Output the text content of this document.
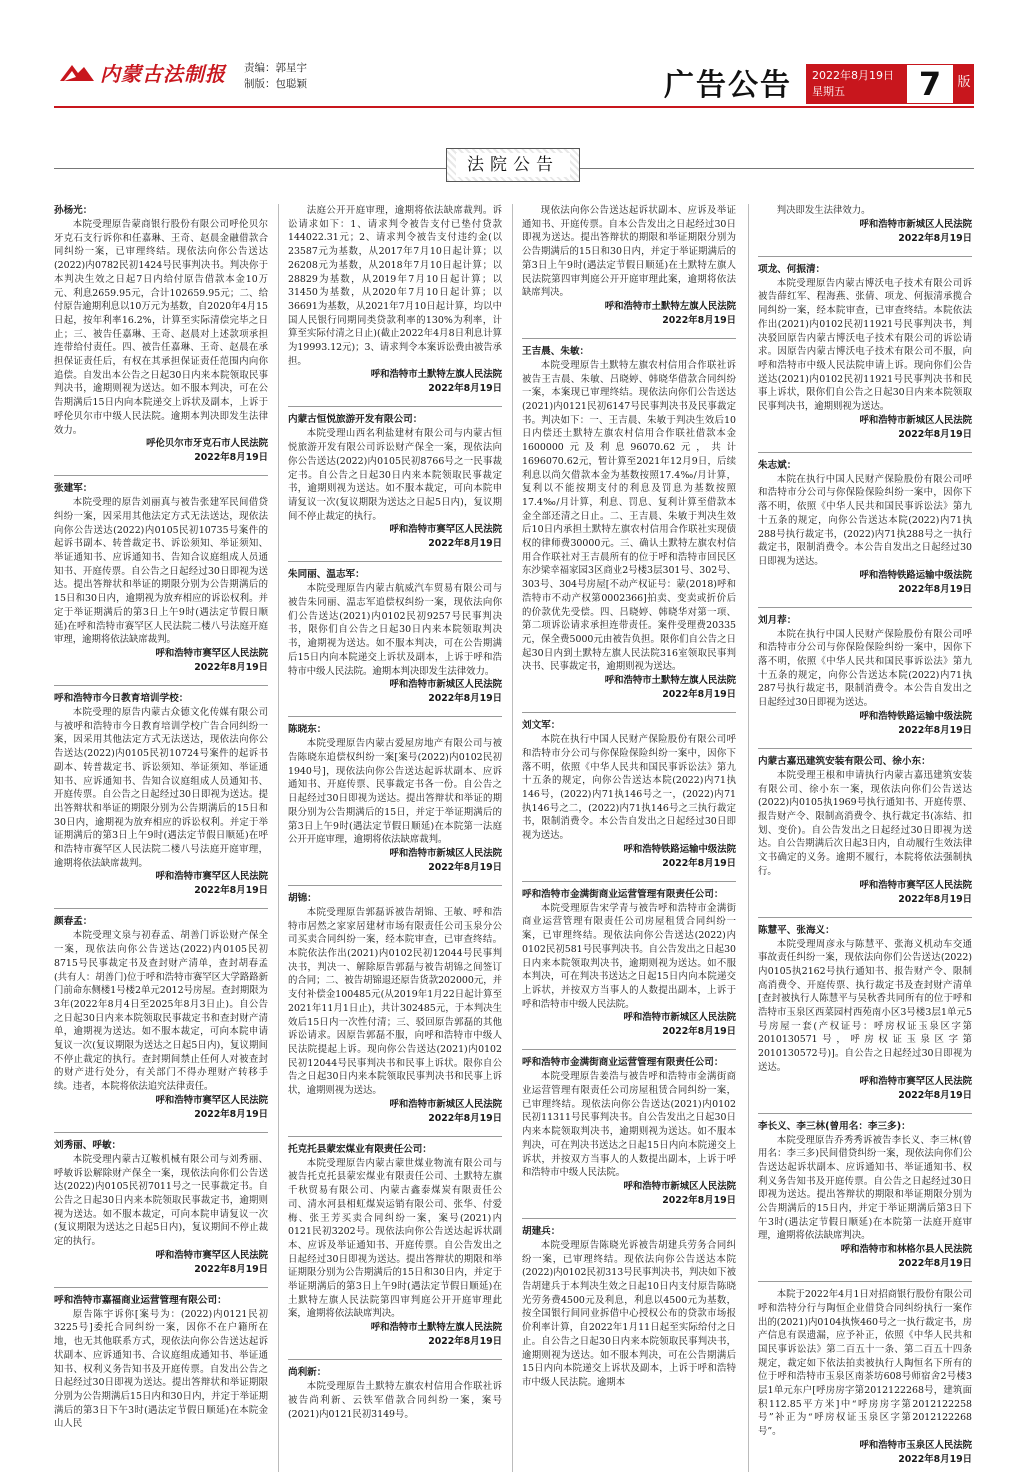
内蒙古法制报 责编：郭星宇
制版：包聪颖	广告公告 2022年8月19日
星期五	7	版
法院公告
孙杨光：
本院受理原告蒙商银行股份有限公司呼伦贝尔牙克石支行诉你和任嘉琳、王奇、赵晨金融借款合同纠纷一案，已审理终结。现依法向你公告送达(2022)内0782民初1424号民事判决书。判决你于本判决生效之日起7日内给付原告借款本金10万元、利息2659.95元，合计102659.95元；二、给付原告逾期利息以10万元为基数，自2020年4月15日起，按年利率16.2%，计算至实际清偿完毕之日止；三、被告任嘉琳、王奇、赵晨对上述款项承担连带给付责任。四、被告任嘉琳、王奇、赵晨在承担保证责任后，有权在其承担保证责任范围内向你追偿。自发出本公告之日起30日内来本院领取民事判决书，逾期则视为送达。如不服本判决，可在公告期满后15日内向本院递交上诉状及副本，上诉于呼伦贝尔市中级人民法院。逾期本判决即发生法律效力。
呼伦贝尔市牙克石市人民法院
2022年8月19日
张建军：
本院受理的原告刘丽真与被告张建军民间借贷纠纷一案，因采用其他法定方式无法送达，现依法向你公告送达(2022)内0105民初10735号案件的起诉书副本、转普裁定书、诉讼须知、举证须知、举证通知书、应诉通知书、告知合议庭组成人员通知书、开庭传票。自公告之日起经过30日即视为送达。提出答辩状和举证的期限分别为公告期满后的15日和30日内，逾期视为放弃相应的诉讼权利。并定于举证期满后的第3日上午9时(遇法定节假日顺延)在呼和浩特市赛罕区人民法院二楼八号法庭开庭审理，逾期将依法缺席裁判。
呼和浩特市赛罕区人民法院
2022年8月19日
呼和浩特市今日教育培训学校：
本院受理的原告内蒙古众德文化传媒有限公司与被呼和浩特市今日教育培训学校广告合同纠纷一案，因采用其他法定方式无法送达，现依法向你公告送达(2022)内0105民初10724号案件的起诉书副本、转普裁定书、诉讼须知、举证须知、举证通知书、应诉通知书、告知合议庭组成人员通知书、开庭传票。自公告之日起经过30日即视为送达。提出答辩状和举证的期限分别为公告期满后的15日和30日内，逾期视为放弃相应的诉讼权利。并定于举证期满后的第3日上午9时(遇法定节假日顺延)在呼和浩特市赛罕区人民法院二楼八号法庭开庭审理，逾期将依法缺席裁判。
呼和浩特市赛罕区人民法院
2022年8月19日
颜春孟：
本院受理文泉与初春孟、胡善门诉讼财产保全一案，现依法向你公告送达(2022)内0105民初8715号民事裁定书及查封财产清单，查封胡春孟(共有人：胡善门)位于呼和浩特市赛罕区大学路路新门前命东侧楼1号楼2单元2012号房屋。查封期限为3年(2022年8月4日至2025年8月3日止)。自公告之日起30日内来本院领取民事裁定书和查封财产清单，逾期视为送达。如不服本裁定，可向本院申请复议一次(复议期限为送达之日起5日内)，复议期间不停止裁定的执行。查封期间禁止任何人对被查封的财产进行处分，有关部门不得办理财产转移手续。违者，本院将依法追究法律责任。
呼和浩特市赛罕区人民法院
2022年8月19日
刘秀丽、呼敏：
本院受理内蒙古辽鞍机械有限公司与刘秀丽、呼敏诉讼解除财产保全一案，现依法向你们公告送达(2022)内0105民初7011号之一民事裁定书。自公告之日起30日内来本院领取民事裁定书，逾期则视为送达。如不服本裁定，可向本院申请复议一次(复议期限为送达之日起5日内)，复议期间不停止裁定的执行。
呼和浩特市赛罕区人民法院
2022年8月19日
呼和浩特市嘉福商业运营管理有限公司：
原告陈宇诉你[案号为：(2022)内0121民初3225号]委托合同纠纷一案，因你不在户籍所在地，也无其他联系方式，现依法向你公告送达起诉状副本、应诉通知书、合议庭组成通知书、举证通知书、权利义务告知书及开庭传票。自发出公告之日起经过30日即视为送达。提出答辩状和举证期限分别为公告期满后15日内和30日内，并定于举证期满后的第3日下午3时(遇法定节假日顺延)在本院金山人民
法庭公开开庭审理，逾期将依法缺席裁判。诉讼请求如下：1、请求判令被告支付已垫付贷款144022.31元；2、请求判令被告支付违约金(以23587元为基数，从2017年7月10日起计算；以26208元为基数，从2018年7月10日起计算；以28829为基数，从2019年7月10日起计算；以31450为基数，从2020年7月10日起计算；以36691为基数，从2021年7月10日起计算，均以中国人民银行同期同类贷款利率的130%为利率，计算至实际付清之日止)(截止2022年4月8日利息计算为19993.12元)；3、请求判令本案诉讼费由被告承担。
呼和浩特市土默特左旗人民法院
2022年8月19日
内蒙古恒悦旅游开发有限公司：
本院受理山西名利盐建材有限公司与内蒙古恒悦旅游开发有限公司诉讼财产保全一案，现依法向你公告送达(2022)内0105民初8766号之一民事裁定书。自公告之日起30日内来本院领取民事裁定书，逾期则视为送达。如不服本裁定，可向本院申请复议一次(复议期限为送达之日起5日内)，复议期间不停止裁定的执行。
呼和浩特市赛罕区人民法院
2022年8月19日
朱同丽、温志军：
本院受理原告内蒙古航威汽车贸易有限公司与被告朱同丽、温志军追偿权纠纷一案，现依法向你们公告送达(2021)内0102民初9257号民事判决书，限你们自公告之日起30日内来本院领取判决书，逾期视为送达。如不服本判决，可在公告期满后15日内向本院递交上诉状及副本，上诉于呼和浩特市中级人民法院。逾期本判决即发生法律效力。
呼和浩特市新城区人民法院
2022年8月19日
陈晓东：
本院受理原告内蒙古爱屋房地产有限公司与被告陈晓东追偿权纠纷一案[案号(2022)内0102民初1940号]，现依法向你公告送达起诉状副本、应诉通知书、开庭传票、民事裁定书各一份。自公告之日起经过30日即视为送达。提出答辩状和举证的期限分别为公告期满后的15日，并定于举证期满后的第3日上午9时(遇法定节假日顺延)在本院第一法庭公开开庭审理，逾期将依法缺席裁判。
呼和浩特市新城区人民法院
2022年8月19日
胡锦：
本院受理原告郭磊诉被告胡锦、王敏、呼和浩特市居然之家家居建材市场有限责任公司玉泉分公司买卖合同纠纷一案，经本院审查，已审查终结。本院依法作出(2021)内0102民初12044号民事判决书，判决一、解除原告郭磊与被告胡锦之间签订的合同；二、被告胡锦退还原告货款202000元，并支付补偿金100485元(从2019年1月22日起计算至2021年11月1日止)，共计302485元，于本判决生效后15日内一次性付清；三、驳回原告郭磊的其他诉讼请求。因原告郭磊不服，向呼和浩特市中级人民法院提起上诉。现向你公告送达(2021)内0102民初12044号民事判决书和民事上诉状。限你自公告之日起30日内来本院领取民事判决书和民事上诉状，逾期则视为送达。
呼和浩特市新城区人民法院
2022年8月19日
托克托县蒙宏煤业有限责任公司：
本院受理原告内蒙古蒙世煤业物流有限公司与被告托克托县蒙宏煤业有限责任公司、土默特左旗千秋贸易有限公司、内蒙古鑫泰煤炭有限责任公司、清水河县相虹煤炭运销有限公司、张华、付爱梅、张王芳买卖合同纠纷一案，案号(2021)内0121民初3202号。现依法向你公告送达起诉状副本、应诉及举证通知书、开庭传票。自公告发出之日起经过30日即视为送达。提出答辩状的期限和举证期限分别为公告期满后的15日和30日内，并定于举证期满后的第3日上午9时(遇法定节假日顺延)在土默特左旗人民法院第四审判庭公开开庭审理此案，逾期将依法缺席判决。
呼和浩特市土默特左旗人民法院
2022年8月19日
尚利新：
本院受理原告土默特左旗农村信用合作联社诉被告尚利新、云铁军借款合同纠纷一案，案号(2021)内0121民初3149号。
现依法向你公告送达起诉状副本、应诉及举证通知书、开庭传票。自本公告发出之日起经过30日即视为送达。提出答辩状的期限和举证期限分别为公告期满后的15日和30日内，并定于举证期满后的第3日上午9时(遇法定节假日顺延)在土默特左旗人民法院第四审判庭公开开庭审理此案，逾期将依法缺席判决。
呼和浩特市土默特左旗人民法院
2022年8月19日
王吉晨、朱敏：
本院受理原告土默特左旗农村信用合作联社诉被告王吉晨、朱敏、吕晓婷、韩晓华借款合同纠纷一案，本案现已审理终结。现依法向你们公告送达(2021)内0121民初6147号民事判决书及民事裁定书。判决如下：一、王吉晨、朱敏于判决生效后10日内偿还土默特左旗农村信用合作联社借款本金1600000元及利息96070.62元，共计1696070.62元，暂计算至2021年12月9日，后续利息以尚欠借款本金为基数按照17.4‰/月计算，复利以不能按期支付的利息及罚息为基数按照17.4‰/月计算，利息、罚息、复利计算至借款本金全部还清之日止。二、王吉晨、朱敏于判决生效后10日内承担土默特左旗农村信用合作联社实现债权的律师费30000元。三、确认土默特左旗农村信用合作联社对王吉晨所有的位于呼和浩特市回民区东沙梁幸福家园3区商业2号楼3层301号、302号、303号、304号房屋[不动产权证号：蒙(2018)呼和浩特市不动产权第0002366]拍卖、变卖或折价后的价款优先受偿。四、吕晓婷、韩晓华对第一项、第二项诉讼请求承担连带责任。案件受理费20335元，保全费5000元由被告负担。限你们自公告之日起30日内到土默特左旗人民法院316室领取民事判决书、民事裁定书，逾期则视为送达。
呼和浩特市土默特左旗人民法院
2022年8月19日
刘文军：
本院在执行中国人民财产保险股份有限公司呼和浩特市分公司与你保险保险纠纷一案中，因你下落不明，依照《中华人民共和国民事诉讼法》第九十五条的规定，向你公告送达本院(2022)内71执146号，(2022)内71执146号之一，(2022)内71执146号之二，(2022)内71执146号之三执行裁定书，限制消费令。本公告自发出之日起经过30日即视为送达。
呼和浩特铁路运输中级法院
2022年8月19日
呼和浩特市金满街商业运营管理有限责任公司：
本院受理原告宋学青与被告呼和浩特市金满街商业运营管理有限责任公司房屋租赁合同纠纷一案，已审理终结。现依法向你公告送达(2022)内0102民初581号民事判决书。自公告发出之日起30日内来本院领取判决书，逾期则视为送达。如不服本判决，可在判决书送达之日起15日内向本院递交上诉状，并按双方当事人的人数提出副本，上诉于呼和浩特市中级人民法院。
呼和浩特市新城区人民法院
2022年8月19日
呼和浩特市金满街商业运营管理有限责任公司：
本院受理原告姜浩与被告呼和浩特市金满街商业运营管理有限责任公司房屋租赁合同纠纷一案，已审理终结。现依法向你公告送达(2021)内0102民初11311号民事判决书。自公告发出之日起30日内来本院领取判决书，逾期则视为送达。如不服本判决，可在判决书送达之日起15日内向本院递交上诉状，并按双方当事人的人数提出副本，上诉于呼和浩特市中级人民法院。
呼和浩特市新城区人民法院
2022年8月19日
胡建兵：
本院受理原告陈晓光诉被告胡建兵劳务合同纠纷一案，已审理终结。现依法向你公告送达本院(2022)内0102民初313号民事判决书，判决如下被告胡建兵于本判决生效之日起10日内支付原告陈晓光劳务费4500元及利息，利息以4500元为基数，按全国银行间同业拆借中心授权公布的贷款市场报价利率计算，自2022年1月11日起至实际给付之日止。自公告之日起30日内来本院领取民事判决书，逾期则视为送达。如不服本判决，可在公告期满后15日内向本院递交上诉状及副本，上诉于呼和浩特市中级人民法院。逾期本
判决即发生法律效力。
呼和浩特市新城区人民法院
2022年8月19日
项龙、何振清：
本院受理原告内蒙古博沃电子技术有限公司诉被告薛红军、程海燕、张倩、项龙、何振清承揽合同纠纷一案，经本院审查，已审查终结。本院依法作出(2021)内0102民初11921号民事判决书，判决驳回原告内蒙古博沃电子技术有限公司的诉讼请求。因原告内蒙古博沃电子技术有限公司不服，向呼和浩特市中级人民法院申请上诉。现向你们公告送达(2021)内0102民初11921号民事判决书和民事上诉状，限你们自公告之日起30日内来本院领取民事判决书，逾期则视为送达。
呼和浩特市新城区人民法院
2022年8月19日
朱志斌：
本院在执行中国人民财产保险股份有限公司呼和浩特市分公司与你保险保险纠纷一案中，因你下落不明，依照《中华人民共和国民事诉讼法》第九十五条的规定，向你公告送达本院(2022)内71执288号执行裁定书，(2022)内71执288号之一执行裁定书，限制消费令。本公告自发出之日起经过30日即视为送达。
呼和浩特铁路运输中级法院
2022年8月19日
刘月荐：
本院在执行中国人民财产保险股份有限公司呼和浩特市分公司与你保险保险纠纷一案中，因你下落不明，依照《中华人民共和国民事诉讼法》第九十五条的规定，向你公告送达本院(2022)内71执287号执行裁定书，限制消费令。本公告自发出之日起经过30日即视为送达。
呼和浩特铁路运输中级法院
2022年8月19日
内蒙古嘉迅建筑安装有限公司、徐小东：
本院受理王根和申请执行内蒙古嘉迅建筑安装有限公司、徐小东一案，现依法向你们公告送达(2022)内0105执1969号执行通知书、开庭传票、报告财产令、限制高消费令、执行裁定书(冻结、扣划、变价)。自公告发出之日起经过30日即视为送达。自公告期满后次日起3日内，自动履行生效法律文书确定的义务。逾期不履行，本院将依法强制执行。
呼和浩特市赛罕区人民法院
2022年8月19日
陈慧平、张海义：
本院受理周彦永与陈慧平、张海义机动车交通事故责任纠纷一案，现依法向你们公告送达(2022)内0105执2162号执行通知书、报告财产令、限制高消费令、开庭传票、执行裁定书及查封财产清单[查封被执行人陈慧平与吴秋香共同所有的位于呼和浩特市玉泉区西菜园村西苑南小区3号楼3层1单元5号房屋一套(产权证号：呼房权证玉泉区字第2010130571号，呼房权证玉泉区字第2010130572号)]。自公告之日起经过30日即视为送达。
呼和浩特市赛罕区人民法院
2022年8月19日
李长义、李三林(曾用名：李三多)：
本院受理原告乔秀秀诉被告李长义、李三林(曾用名：李三多)民间借贷纠纷一案，现依法向你们公告送达起诉状副本、应诉通知书、举证通知书、权利义务告知书及开庭传票。自公告之日起经过30日即视为送达。提出答辩状的期限和举证期限分别为公告期满后的15日内，并定于举证期满后第3日下午3时(遇法定节假日顺延)在本院第一法庭开庭审理，逾期将依法缺席判决。
呼和浩特市和林格尔县人民法院
2022年8月19日
本院于2022年4月1日对招商银行股份有限公司呼和浩特分行与陶恒企业借贷合同纠纷执行一案作出的(2021)内0104执恢460号之一执行裁定书，房产信息有误遗漏，应予补正，依照《中华人民共和国民事诉讼法》第二百五十一条、第二百五十四条规定，裁定如下依法拍卖被执行人陶恒名下所有的位于呼和浩特市玉泉区南茶坊608号师宿舍2号楼3层1单元东户[呼房房字第2012122268号，建筑面积112.85平方米]中“呼房房字第2012122258号”补正为“呼房权证玉泉区字第2012122268号”。
呼和浩特市玉泉区人民法院
2022年8月19日
